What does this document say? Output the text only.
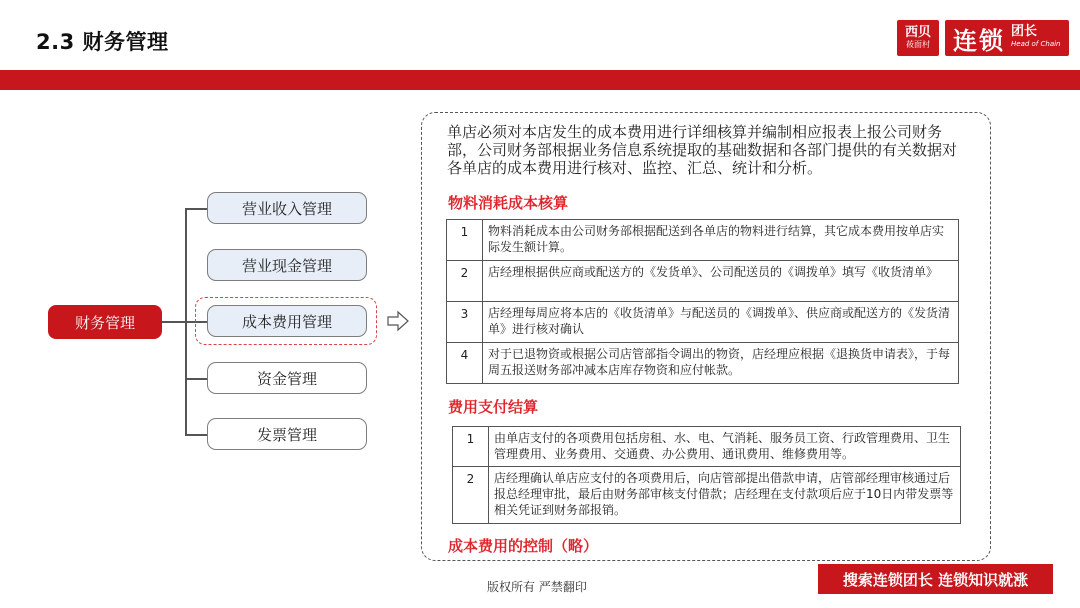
2.3 财务管理	西贝
莜面村 连锁 团长
Head of Chain
财务管理
营业收入管理
营业现金管理
成本费用管理
资金管理
发票管理
单店必须对本店发生的成本费用进行详细核算并编制相应报表上报公司财务部，公司财务部根据业务信息系统提取的基础数据和各部门提供的有关数据对各单店的成本费用进行核对、监控、汇总、统计和分析。
物料消耗成本核算
1	物料消耗成本由公司财务部根据配送到各单店的物料进行结算，其它成本费用按单店实际发生额计算。
2	店经理根据供应商或配送方的《发货单》、公司配送员的《调拨单》填写《收货清单》
3	店经理每周应将本店的《收货清单》与配送员的《调拨单》、供应商或配送方的《发货清单》进行核对确认
4	对于已退物资或根据公司店管部指令调出的物资，店经理应根据《退换货申请表》，于每周五报送财务部冲减本店库存物资和应付帐款。
费用支付结算
1	由单店支付的各项费用包括房租、水、电、气消耗、服务员工资、行政管理费用、卫生管理费用、业务费用、交通费、办公费用、通讯费用、维修费用等。
2	店经理确认单店应支付的各项费用后，向店管部提出借款申请，店管部经理审核通过后报总经理审批，最后由财务部审核支付借款；店经理在支付款项后应于10日内带发票等相关凭证到财务部报销。
成本费用的控制（略）
版权所有 严禁翻印	搜索连锁团长 连锁知识就涨
